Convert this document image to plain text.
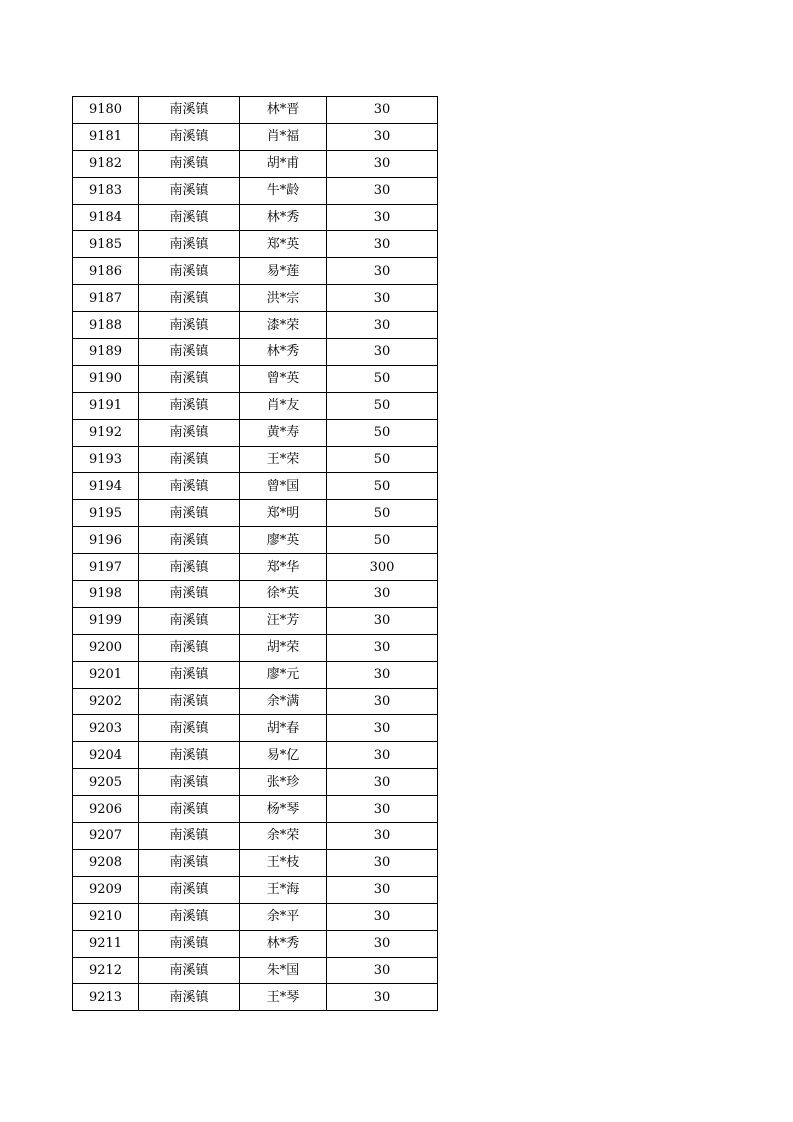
9180	南溪镇	林*晋	30
9181	南溪镇	肖*福	30
9182	南溪镇	胡*甫	30
9183	南溪镇	牛*龄	30
9184	南溪镇	林*秀	30
9185	南溪镇	郑*英	30
9186	南溪镇	易*莲	30
9187	南溪镇	洪*宗	30
9188	南溪镇	漆*荣	30
9189	南溪镇	林*秀	30
9190	南溪镇	曾*英	50
9191	南溪镇	肖*友	50
9192	南溪镇	黄*寿	50
9193	南溪镇	王*荣	50
9194	南溪镇	曾*国	50
9195	南溪镇	郑*明	50
9196	南溪镇	廖*英	50
9197	南溪镇	郑*华	300
9198	南溪镇	徐*英	30
9199	南溪镇	汪*芳	30
9200	南溪镇	胡*荣	30
9201	南溪镇	廖*元	30
9202	南溪镇	余*满	30
9203	南溪镇	胡*春	30
9204	南溪镇	易*亿	30
9205	南溪镇	张*珍	30
9206	南溪镇	杨*琴	30
9207	南溪镇	余*荣	30
9208	南溪镇	王*枝	30
9209	南溪镇	王*海	30
9210	南溪镇	余*平	30
9211	南溪镇	林*秀	30
9212	南溪镇	朱*国	30
9213	南溪镇	王*琴	30
